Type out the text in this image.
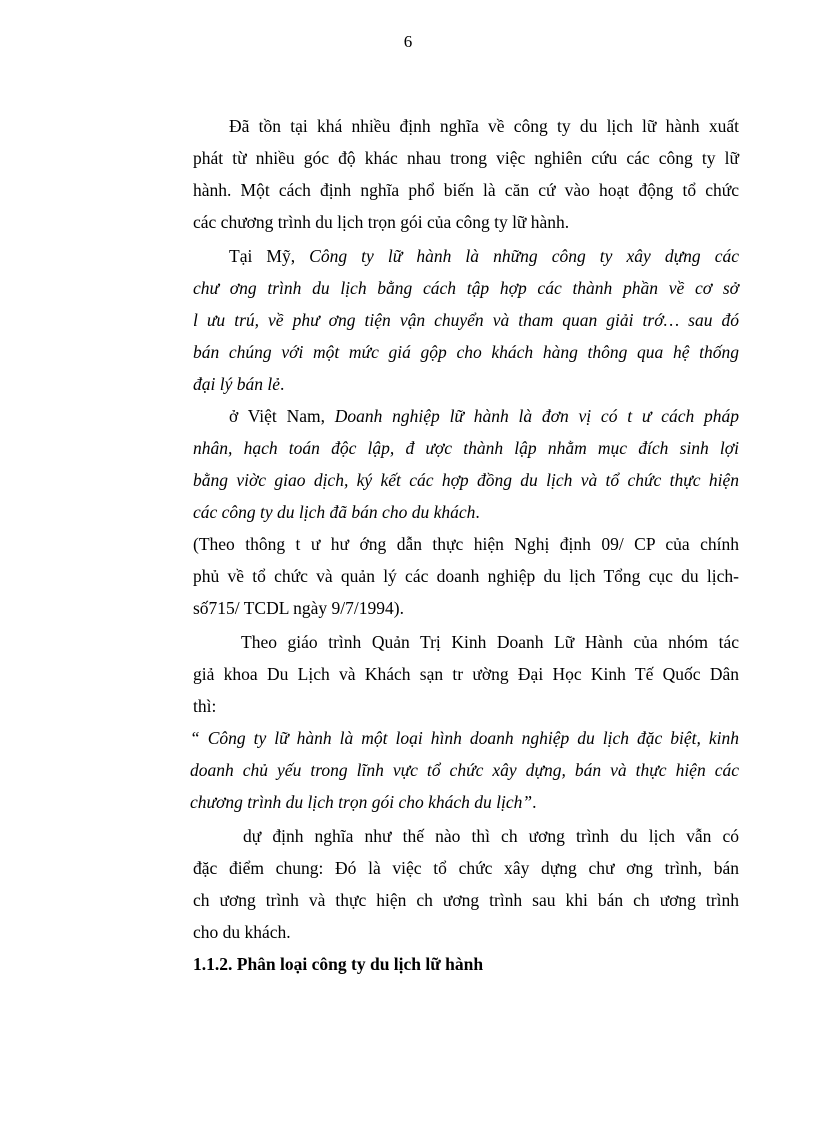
6
Đã tồn tại khá nhiều định nghĩa về công ty du lịch lữ hành xuất
phát từ nhiều góc độ khác nhau trong việc nghiên cứu các công ty lữ
hành. Một cách định nghĩa phổ biến là căn cứ vào hoạt động tổ chức
các chương trình du lịch trọn gói của công ty lữ hành.
Tại Mỹ, Công ty lữ hành là những công ty xây dựng các
chư ơng trình du lịch bằng cách tập hợp các thành phần về cơ sở
l ưu trú, về phư ơng tiện vận chuyển và tham quan giải trớ… sau đó
bán chúng với một mức giá gộp cho khách hàng thông qua hệ thống
đại lý bán lẻ.
ở Việt Nam, Doanh nghiệp lữ hành là đơn vị có t ư cách pháp
nhân, hạch toán độc lập, đ ược thành lập nhằm mục đích sinh lợi
bằng viờc giao dịch, ký kết các hợp đồng du lịch và tổ chức thực hiện
các công ty du lịch đã bán cho du khách.
(Theo thông t ư hư ớng dẫn thực hiện Nghị định 09/ CP của chính
phủ về tổ chức và quản lý các doanh nghiệp du lịch Tổng cục du lịch-
số715/ TCDL ngày 9/7/1994).
Theo giáo trình Quản Trị Kinh Doanh Lữ Hành của nhóm tác
giả khoa Du Lịch và Khách sạn tr ường Đại Học Kinh Tế Quốc Dân
thì:
“ Công ty lữ hành là một loại hình doanh nghiệp du lịch đặc biệt, kinh
doanh chủ yếu trong lĩnh vực tổ chức xây dựng, bán và thực hiện các
chương trình du lịch trọn gói cho khách du lịch”.
dự định nghĩa như thế nào thì ch ương trình du lịch vẫn có
đặc điểm chung: Đó là việc tổ chức xây dựng chư ơng trình, bán
ch ương trình và thực hiện ch ương trình sau khi bán ch ương trình
cho du khách.
1.1.2. Phân loại công ty du lịch lữ hành
